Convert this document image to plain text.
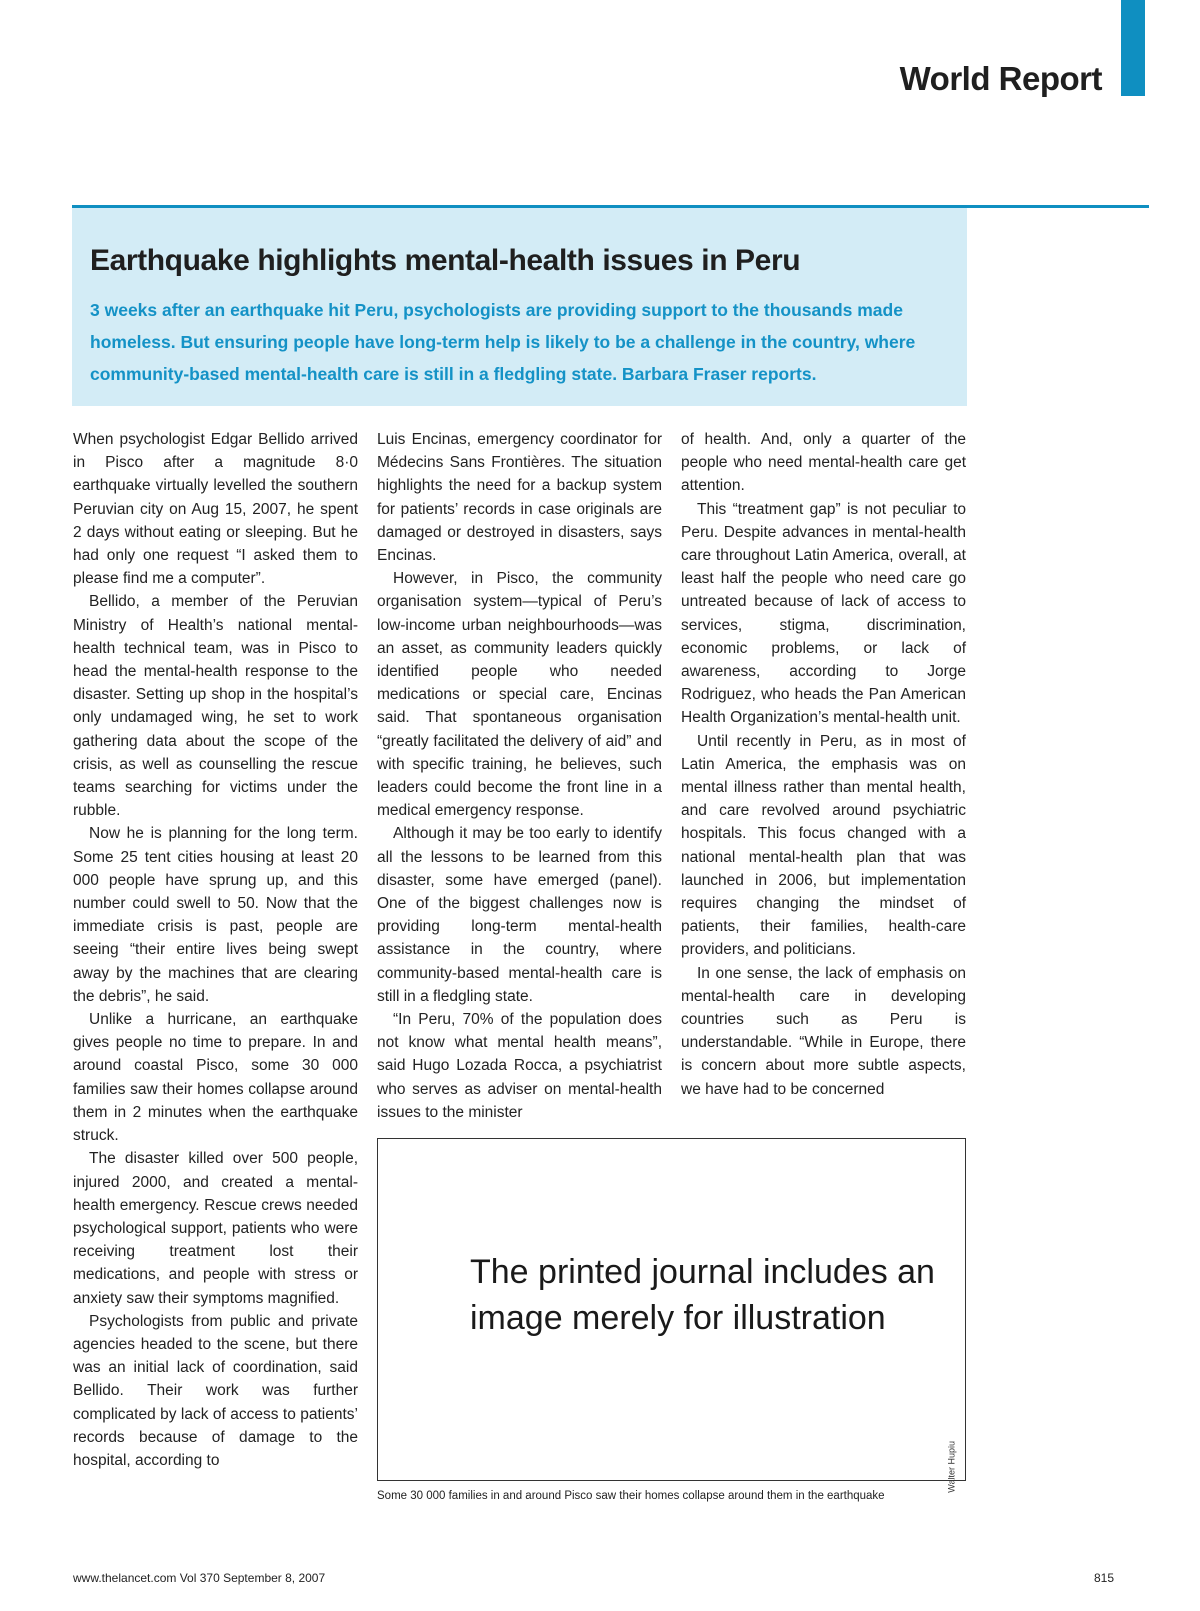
World Report
Earthquake highlights mental-health issues in Peru

3 weeks after an earthquake hit Peru, psychologists are providing support to the thousands made homeless. But ensuring people have long-term help is likely to be a challenge in the country, where community-based mental-health care is still in a fledgling state. Barbara Fraser reports.

When psychologist Edgar Bellido arrived in Pisco after a magnitude 8·0 earthquake virtually levelled the southern Peruvian city on Aug 15, 2007, he spent 2 days without eating or sleeping. But he had only one request “I asked them to please find me a computer”.

Bellido, a member of the Peruvian Ministry of Health’s national mental-health technical team, was in Pisco to head the mental-health response to the disaster. Setting up shop in the hospital’s only undamaged wing, he set to work gathering data about the scope of the crisis, as well as counselling the rescue teams searching for victims under the rubble.

Now he is planning for the long term. Some 25 tent cities housing at least 20 000 people have sprung up, and this number could swell to 50. Now that the immediate crisis is past, people are seeing “their entire lives being swept away by the machines that are clearing the debris”, he said.

Unlike a hurricane, an earthquake gives people no time to prepare. In and around coastal Pisco, some 30 000 families saw their homes collapse around them in 2 minutes when the earthquake struck.

The disaster killed over 500 people, injured 2000, and created a mental-health emergency. Rescue crews needed psychological support, patients who were receiving treatment lost their medications, and people with stress or anxiety saw their symptoms magnified.

Psychologists from public and private agencies headed to the scene, but there was an initial lack of coordination, said Bellido. Their work was further complicated by lack of access to patients’ records because of damage to the hospital, according to

Luis Encinas, emergency coordinator for Médecins Sans Frontières. The situation highlights the need for a backup system for patients’ records in case originals are damaged or destroyed in disasters, says Encinas.

However, in Pisco, the community organisation system—typical of Peru’s low-income urban neighbourhoods—was an asset, as community leaders quickly identified people who needed medications or special care, Encinas said. That spontaneous organisation “greatly facilitated the delivery of aid” and with specific training, he believes, such leaders could become the front line in a medical emergency response.

Although it may be too early to identify all the lessons to be learned from this disaster, some have emerged (panel). One of the biggest challenges now is providing long-term mental-health assistance in the country, where community-based mental-health care is still in a fledgling state.

“In Peru, 70% of the population does not know what mental health means”, said Hugo Lozada Rocca, a psychiatrist who serves as adviser on mental-health issues to the minister

of health. And, only a quarter of the people who need mental-health care get attention.

This “treatment gap” is not peculiar to Peru. Despite advances in mental-health care throughout Latin America, overall, at least half the people who need care go untreated because of lack of access to services, stigma, discrimination, economic problems, or lack of awareness, according to Jorge Rodriguez, who heads the Pan American Health Organization’s mental-health unit.

Until recently in Peru, as in most of Latin America, the emphasis was on mental illness rather than mental health, and care revolved around psychiatric hospitals. This focus changed with a national mental-health plan that was launched in 2006, but implementation requires changing the mindset of patients, their families, health-care providers, and politicians.

In one sense, the lack of emphasis on mental-health care in developing countries such as Peru is understandable. “While in Europe, there is concern about more subtle aspects, we have had to be concerned

The printed journal includes an image merely for illustration

Walter Hupiu
Some 30 000 families in and around Pisco saw their homes collapse around them in the earthquake
www.thelancet.com Vol 370 September 8, 2007	815
